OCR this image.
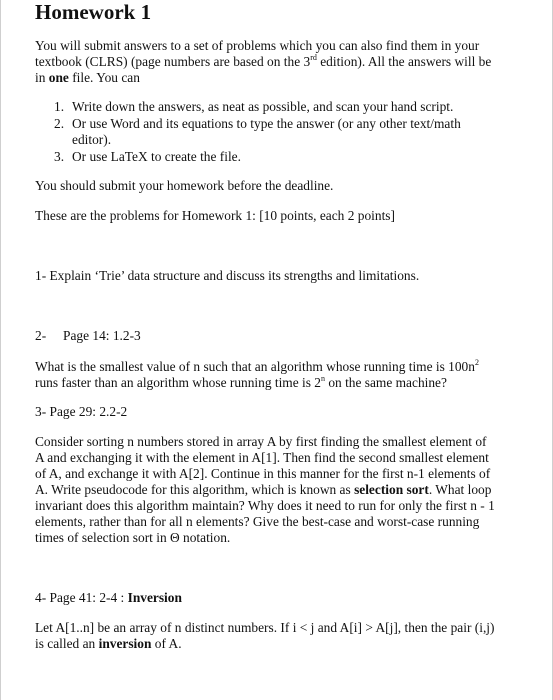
Homework 1
You will submit answers to a set of problems which you can also find them in your
textbook (CLRS) (page numbers are based on the 3rd edition). All the answers will be
in one file. You can
1. Write down the answers, as neat as possible, and scan your hand script.
2. Or use Word and its equations to type the answer (or any other text/math
editor).
3. Or use LaTeX to create the file.
You should submit your homework before the deadline.
These are the problems for Homework 1: [10 points, each 2 points]
1- Explain ‘Trie’ data structure and discuss its strengths and limitations.
2- Page 14: 1.2-3
What is the smallest value of n such that an algorithm whose running time is $100n^2$
runs faster than an algorithm whose running time is 2$^n$ on the same machine?
3- Page 29: 2.2-2
Consider sorting n numbers stored in array A by first finding the smallest element of
A and exchanging it with the element in A[1]. Then find the second smallest element
of A, and exchange it with A[2]. Continue in this manner for the first n-1 elements of
A. Write pseudocode for this algorithm, which is known as selection sort. What loop
invariant does this algorithm maintain? Why does it need to run for only the first n - 1
elements, rather than for all n elements? Give the best-case and worst-case running
times of selection sort in Θ notation.
4- Page 41: 2-4 : Inversion
Let A[1..n] be an array of n distinct numbers. If i < j and A[i] > A[j], then the pair (i,j)
is called an inversion of A.
